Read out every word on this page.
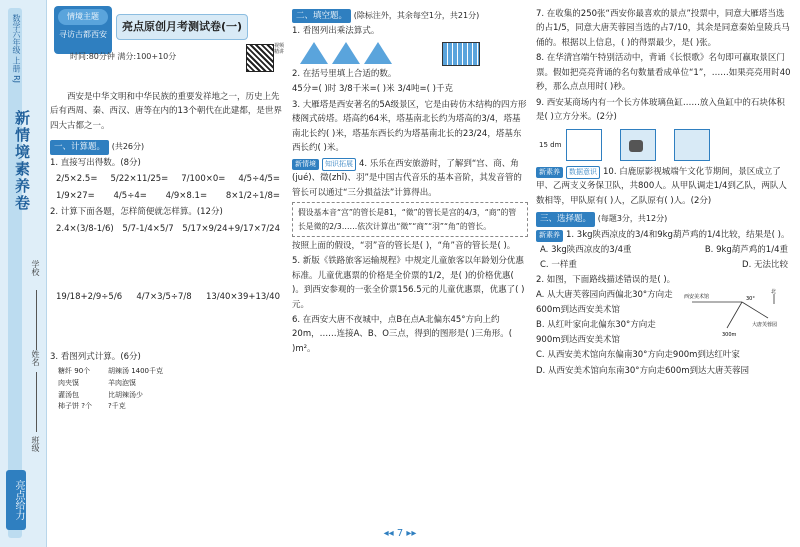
数学六年级 上册 RJ
新情境素养卷
学校
姓名
班级
亮点给力
情境主题
寻访古都西安
亮点原创月考测试卷(一)
时间:80分钟 满分:100+10分
视频精讲
西安是中华文明和中华民族的重要发祥地之一，历史上先后有西周、秦、西汉、唐等在内的13个朝代在此建都，是世界四大古都之一。
一、计算题。 (共26分)
1. 直接写出得数。(8分)
2/5×2.5= 5/22×11/25= 7/100×0= 4/5÷4/5=
1/9×27= 4/5÷4= 4/9×8.1= 8×1/2÷1/8=
2. 计算下面各题，怎样简便就怎样算。(12分)
2.4×(3/8-1/6) 5/7-1/4×5/7 5/17×9/24+9/17×7/24
19/18+2/9÷5/6 4/7×3/5÷7/8 13/40×39+13/40
3. 看图列式计算。(6分)
糖纤 90个
肉夹馍
灌汤包
柿子饼 ?个
胡辣汤 1400千克
羊肉泡馍
比胡辣汤少
?千克
二、填空题。 (除标注外，其余每空1分，共21分)
1. 看图列出乘法算式。
2. 在括号里填上合适的数。
45分=( )时 3/8千米=( )米 3/4吨=( )千克
3. 大雁塔是西安著名的5A级景区，它是由砖仿木结构的四方形楼阁式砖塔。塔高约64米，塔基南北长约为塔高的3/4，塔基南北长约( )米，塔基东西长约为塔基南北长的23/24，塔基东西长约( )米。
新情境 知识拓展 4. 乐乐在西安旅游时，了解到“宫、商、角(jué)、徵(zhǐ)、羽”是中国古代音乐的基本音阶，其发音管的管长可以通过“三分损益法”计算得出。
假设基本音“宫”的管长是81，“徵”的管长是宫的4/3，“商”的管长是徵的2/3……依次计算出“徵”“商”“羽”“角”的管长。
按照上面的假设，“羽”音的管长是( )，“角”音的管长是( )。
5. 新版《铁路旅客运输规程》中规定儿童旅客以年龄划分优惠标准。儿童优惠票的价格是全价票的1/2，是( )的价格优惠( )。到西安参观的一张全价票156.5元的儿童优惠票，优惠了( )元。
6. 在西安大唐不夜城中，点B在点A北偏东45°方向上约20m，……连接A、B、O三点，得到的图形是( )三角形。( )m²。
7. 在收集的250张“西安你最喜欢的景点”投票中，同意大雁塔当选的占1/5，同意大唐芙蓉园当选的占7/10，其余是同意秦始皇陵兵马俑的。根据以上信息，( )的得票最少，是( )张。
8. 在华清宫端午特别活动中，背诵《长恨歌》名句即可赢取景区门票。假如把亮亮背诵的名句数量看成单位“1”，……如果亮亮用时40秒，那么点点用时( )秒。
9. 西安某商场内有一个长方体玻璃鱼缸……放入鱼缸中的石块体积是( )立方分米。(2分)
15 dm
新素养 数据意识 10. 白鹿原影视城端午文化节期间，景区成立了甲、乙两支义务保卫队，共800人。从甲队调走1/4到乙队，两队人数相等，甲队原有( )人，乙队原有( )人。(2分)
三、选择题。 (每题3分，共12分)
新素养 1. 3kg陕西凉皮的3/4和9kg葫芦鸡的1/4比较，结果是( )。
A. 3kg陕西凉皮的3/4重	B. 9kg葫芦鸡的1/4重
C. 一样重	D. 无法比较
2. 如图，下面路线描述错误的是( )。
A. 从大唐芙蓉园向西偏北30°方向走600m到达西安美术馆
B. 从红叶家向北偏东30°方向走900m到达西安美术馆
西安美术馆
北
30°
大唐芙蓉园
300m
C. 从西安美术馆向东偏南30°方向走900m到达红叶家
D. 从西安美术馆向东南30°方向走600m到达大唐芙蓉园
◂◂ 7 ▸▸
